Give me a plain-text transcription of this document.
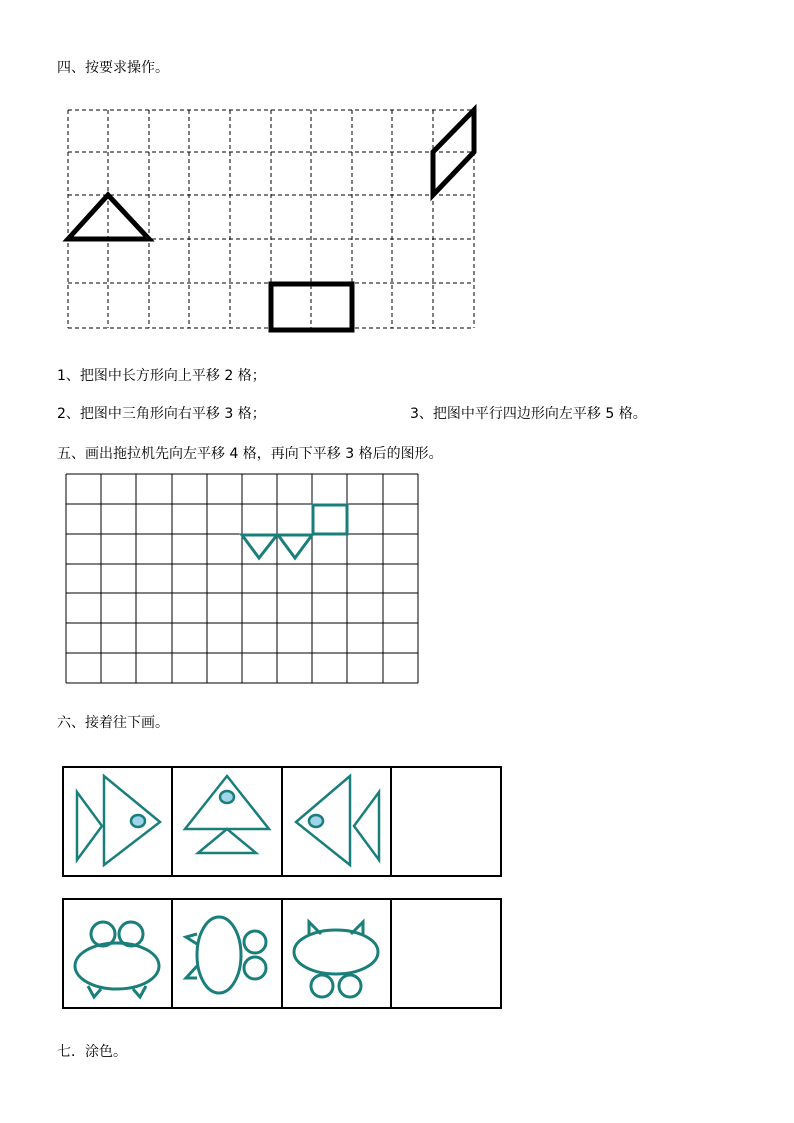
四、按要求操作。
1、把图中长方形向上平移 2 格；
2、把图中三角形向右平移 3 格；	3、把图中平行四边形向左平移 5 格。
五、画出拖拉机先向左平移 4 格，再向下平移 3 格后的图形。
六、接着往下画。
七．涂色。
